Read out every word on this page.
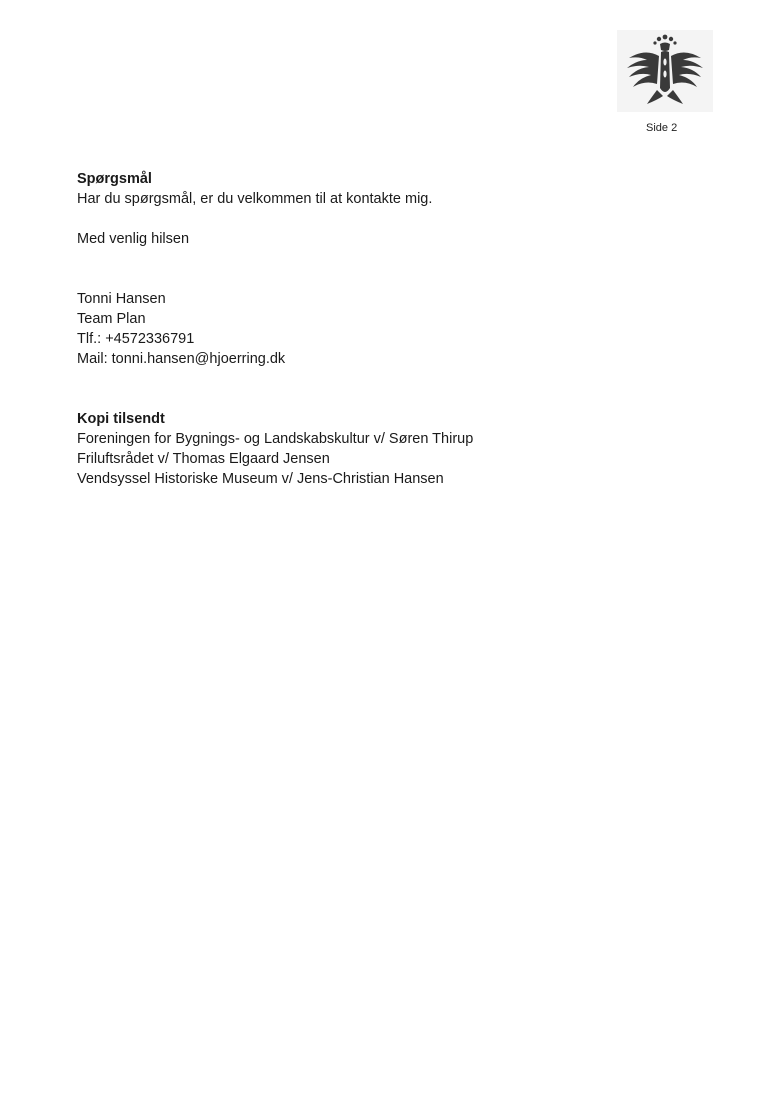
Side 2
Spørgsmål
Har du spørgsmål, er du velkommen til at kontakte mig.
Med venlig hilsen
Tonni Hansen
Team Plan
Tlf.: +4572336791
Mail: tonni.hansen@hjoerring.dk
Kopi tilsendt
Foreningen for Bygnings- og Landskabskultur v/ Søren Thirup
Friluftsrådet v/ Thomas Elgaard Jensen
Vendsyssel Historiske Museum v/ Jens-Christian Hansen
